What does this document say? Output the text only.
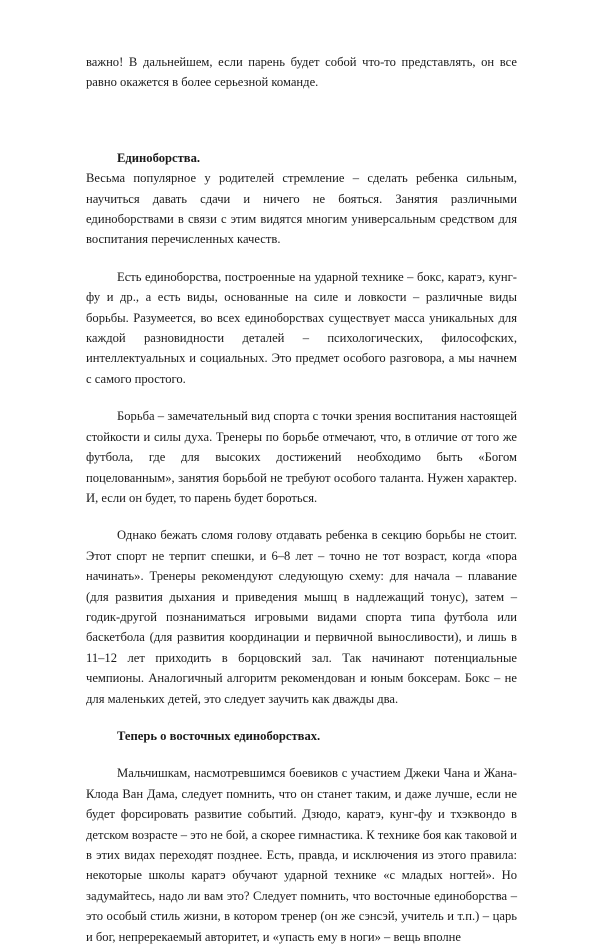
важно! В дальнейшем, если парень будет собой что-то представлять, он все равно окажется в более серьезной команде.

Единоборства.

Весьма популярное у родителей стремление – сделать ребенка сильным, научиться давать сдачи и ничего не бояться. Занятия различными единоборствами в связи с этим видятся многим универсальным средством для воспитания перечисленных качеств.

Есть единоборства, построенные на ударной технике – бокс, каратэ, кунг-фу и др., а есть виды, основанные на силе и ловкости – различные виды борьбы. Разумеется, во всех единоборствах существует масса уникальных для каждой разновидности деталей – психологических, философских, интеллектуальных и социальных. Это предмет особого разговора, а мы начнем с самого простого.

Борьба – замечательный вид спорта с точки зрения воспитания настоящей стойкости и силы духа. Тренеры по борьбе отмечают, что, в отличие от того же футбола, где для высоких достижений необходимо быть «Богом поцелованным», занятия борьбой не требуют особого таланта. Нужен характер. И, если он будет, то парень будет бороться.

Однако бежать сломя голову отдавать ребенка в секцию борьбы не стоит. Этот спорт не терпит спешки, и 6–8 лет – точно не тот возраст, когда «пора начинать». Тренеры рекомендуют следующую схему: для начала – плавание (для развития дыхания и приведения мышц в надлежащий тонус), затем – годик-другой познаниматься игровыми видами спорта типа футбола или баскетбола (для развития координации и первичной выносливости), и лишь в 11–12 лет приходить в борцовский зал. Так начинают потенциальные чемпионы. Аналогичный алгоритм рекомендован и юным боксерам. Бокс – не для маленьких детей, это следует заучить как дважды два.

Теперь о восточных единоборствах.

Мальчишкам, насмотревшимся боевиков с участием Джеки Чана и Жана-Клода Ван Дама, следует помнить, что он станет таким, и даже лучше, если не будет форсировать развитие событий. Дзюдо, каратэ, кунг-фу и тхэквондо в детском возрасте – это не бой, а скорее гимнастика. К технике боя как таковой и в этих видах переходят позднее. Есть, правда, и исключения из этого правила: некоторые школы каратэ обучают ударной технике «с младых ногтей». Но задумайтесь, надо ли вам это? Следует помнить, что восточные единоборства – это особый стиль жизни, в котором тренер (он же сэнсэй, учитель и т.п.) – царь и бог, непререкаемый авторитет, и «упасть ему в ноги» – вещь вполне
